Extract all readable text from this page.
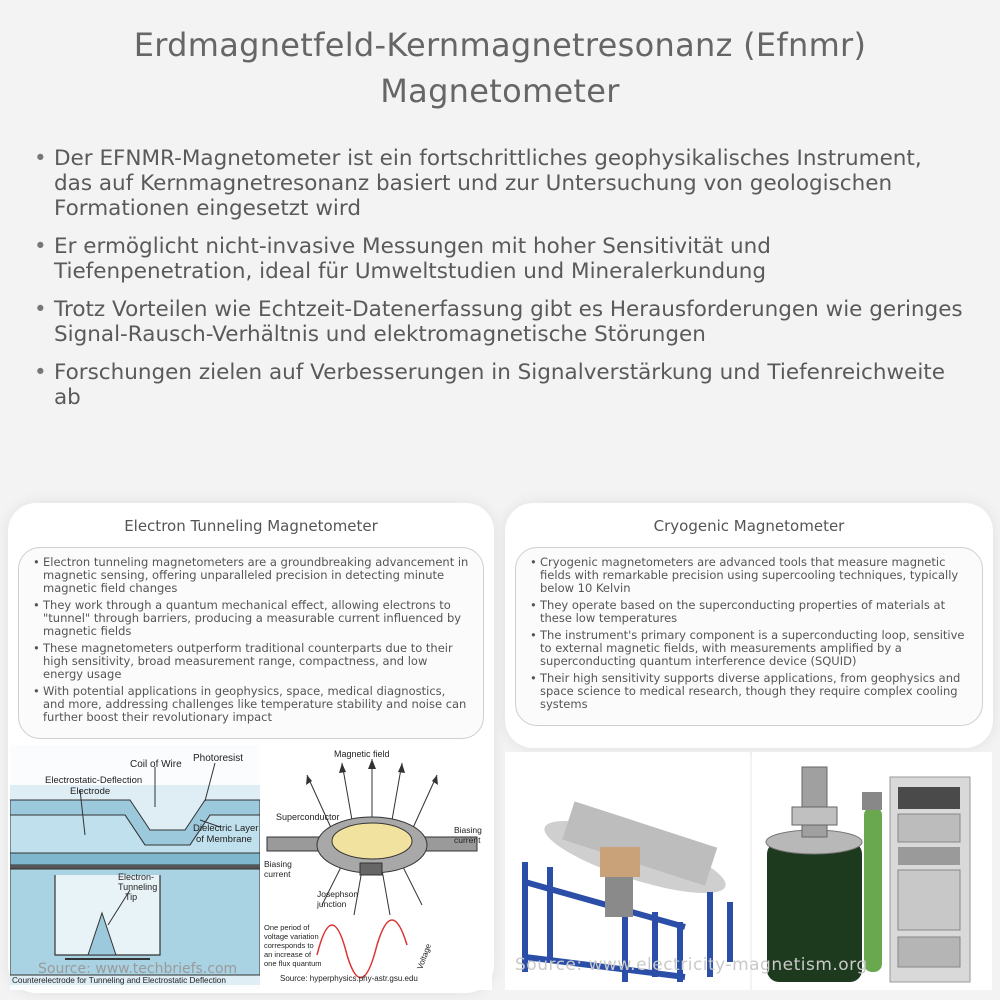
Erdmagnetfeld-Kernmagnetresonanz (Efnmr)
Magnetometer
• Der EFNMR-Magnetometer ist ein fortschrittliches geophysikalisches Instrument, das auf Kernmagnetresonanz basiert und zur Untersuchung von geologischen Formationen eingesetzt wird
• Er ermöglicht nicht-invasive Messungen mit hoher Sensitivität und Tiefenpenetration, ideal für Umweltstudien und Mineralerkundung
• Trotz Vorteilen wie Echtzeit-Datenerfassung gibt es Herausforderungen wie geringes Signal-Rausch-Verhältnis und elektromagnetische Störungen
• Forschungen zielen auf Verbesserungen in Signalverstärkung und Tiefenreichweite ab
Electron Tunneling Magnetometer
• Electron tunneling magnetometers are a groundbreaking advancement in magnetic sensing, offering unparalleled precision in detecting minute magnetic field changes
• They work through a quantum mechanical effect, allowing electrons to "tunnel" through barriers, producing a measurable current influenced by magnetic fields
• These magnetometers outperform traditional counterparts due to their high sensitivity, broad measurement range, compactness, and low energy usage
• With potential applications in geophysics, space, medical diagnostics, and more, addressing challenges like temperature stability and noise can further boost their revolutionary impact
Coil of Wire
Photoresist
Electrostatic-Deflection
Electrode
Dielectric Layer
of Membrane
Electron-
Tunneling
Tip
Counterelectrode for Tunneling and Electrostatic Deflection
Source: www.techbriefs.com
Magnetic field
Superconductor
Biasing
current
Biasing
current
Josephson
junction
One period of
voltage variation
corresponds to
an increase of
one flux quantum	Voltage
Source: hyperphysics.phy-astr.gsu.edu
Cryogenic Magnetometer
• Cryogenic magnetometers are advanced tools that measure magnetic fields with remarkable precision using supercooling techniques, typically below 10 Kelvin
• They operate based on the superconducting properties of materials at these low temperatures
• The instrument's primary component is a superconducting loop, sensitive to external magnetic fields, with measurements amplified by a superconducting quantum interference device (SQUID)
• Their high sensitivity supports diverse applications, from geophysics and space science to medical research, though they require complex cooling systems
Source: www.electricity-magnetism.org
